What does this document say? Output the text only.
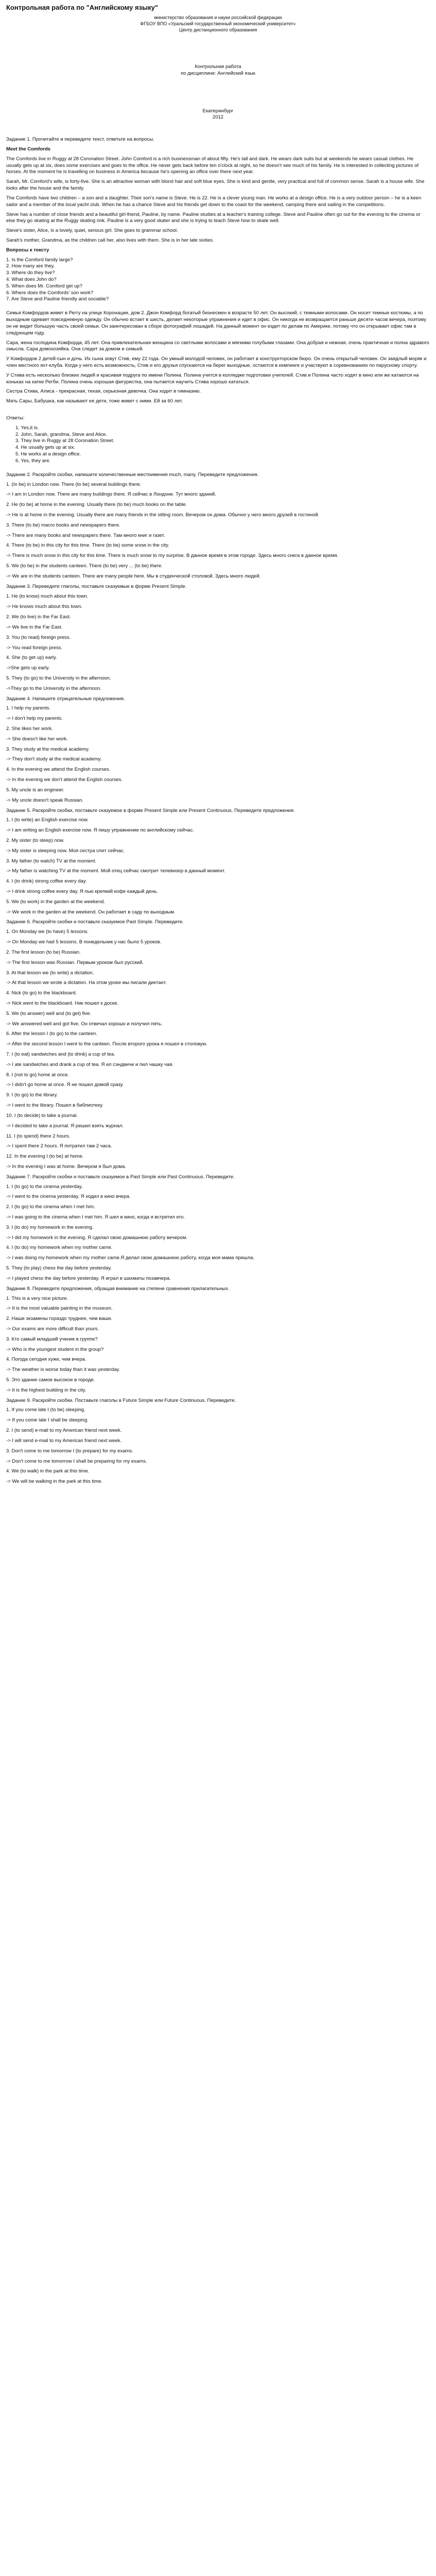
Контрольная работа по "Английскому языку"
министерство образования и науки российской федерации
ФГБОУ ВПО «Уральский государственный экономический университет»
Центр дистанционного образования
Контрольная работа
по дисциплине: Английский язык
Екатеринбург
2012

Задание 1. Прочитайте и переведите текст, ответьте на вопросы.

Meet the Comfords

The Comfords live in Ruggy at 28 Coronation Street. John Comford is a rich businessman of about fifty. He's tall and dark. He wears dark suits but at weekends he wears casual clothes. He usually gets up at six, does some exercises and goes to the office. He never gets back before ten o'clock at night, so he doesn't see much of his family. He is interested in collecting pictures of horses. At the moment he is travelling on business in America because he's opening an office over there next year.

Sarah, Mr. Comford's wife, is forty-five. She is an attractive woman with blond hair and soft blue eyes. She is kind and gentle, very practical and full of common sense. Sarah is a house wife. She looks after the house and the family.

The Comfords have two children – a son and a daughter. Their son's name is Steve. He is 22. He is a clever young man. He works at a design office. He is a very outdoor person – he is a keen sailor and a member of the local yacht club. When he has a chance Steve and his friends get down to the coast for the weekend, camping there and sailing in the competitions.

Steve has a number of close friends and a beautiful girl-friend, Pauline, by name. Pauline studies at a teacher's training college. Steve and Pauline often go out for the evening to the cinema or else they go skating at the Ruggy skating rink. Pauline is a very good skater and she is trying to teach Steve how to skate well.

Steve's sister, Alice, is a lovely, quiet, serious girl. She goes to grammar school.

Sarah's mother, Grandma, as the children call her, also lives with them. She is in her late sixties.

Вопросы к тексту

1. Is the Comford family large?
2. How many are they.
3. Where do they live?
4. What does John do?
5. When does Mr. Comford get up?
6. Where does the Comfords' son work?
7. Are Steve and Pauline friendly and sociable?

Семья Комфордов живет в Реггу на улице Коронации, дом 2. Джон Комфорд богатый бизнесмен в возрасте 50 лет. Он высокий, с темными волосами. Он носит темные костюмы, а по выходным одевает повседневную одежду. Он обычно встает в шесть, делает некоторые упражнения и идет в офис. Он никогда не возвращается раньше десяти часов вечера, поэтому он не видит большую часть своей семьи. Он заинтересован в сборе фотографий лошадей. На данный момент он ездит по делам по Америке, потому что он открывает офис там в следующем году.

Сара, жена господина Комфорда, 45 лет. Она привлекательная женщина со светлыми волосами и мягкими голубыми глазами. Она добрая и нежная, очень практичная и полна здравого смысла. Сара домохозяйка. Она следит за домом и семьей.

У Комфордов 2 детей-сын и дочь. Их сына зовут Стив, ему 22 года. Он умный молодой человек, он работает в конструкторском бюро. Он очень открытый человек. Он заядлый моряк и член местного яхт-клуба. Когда у него есть возможность, Стив и его друзья спускаются на берег выходные, остаются в кемпинге и участвуют в соревнованиях по парусному спорту.

У Стива есть несколько близких людей и красивая подруга по имени Полина. Полина учится в колледже подготовки учителей. Стив и Полина часто ходят в кино или же катаются на коньках на катке Регби. Полина очень хорошая фигуристка, она пытается научить Стива хорошо кататься.

Сестра Стива, Алиса - прекрасная, тихая, серьезная девочка. Она ходит в гимназию.

Мать Сары, Бабушка, как называют ее дети, тоже живет с ними. Ей за 60 лет.

Ответы:

1. Yes,it is.
2. John, Sarah, grandma, Steve and Alice.
3. They live in Ruggy at 28 Coronation Street.
4. He usually gets up at six.
5. He works at a design office.
6. Yes, they are.

Задание 2. Раскройте скобки, напишите количественные местоимения much, many. Переведите предложения.

1. (In be) in London now. There (to be) several buildings there.
-> I am in London now. There are many buildings there. Я сейчас в Лондоне. Тут много зданий.
2. He (to be) at home in the evening. Usually there (to be) much books on the table.
-> He is at home in the evening. Usually there are many friends in the sitting room. Вечером он дома. Обычно у него много друзей в гостиной.
3. There (to be) macro books and newspapers there.
-> There are many books and newspapers there. Там много книг и газет.
4. There (to be) in this city for this time. There (to be) some snow in the city.
-> There is much snow in this city for this time. There is much snow to my surprise. В данное время в этом городе. Здесь много снега в данное время.
5. We (to be) in the students canteen. There (to be) very ... (to be) there.
-> We are in the students canteen. There are many people here. Мы в студенческой столовой. Здесь много людей.
Задание 3. Переведите глаголы, поставьте сказуемые в форме Present Simple.
1. He (to know) much about this town.
-> He knows much about this town.
2. We (to live) in the Far East.
-> We live in the Far East.
3. You (to read) foreign press.
-> You read foreign press.
4. She (to get up) early.
->She gets up early.
5. They (to go) to the University in the afternoon.
->They go to the University in the afternoon.

Задание 4. Напишите отрицательные предложения.

1. I help my parents.
-> I don't help my parents.
2. She likes her work.
-> She doesn't like her work.
3. They study at the medical academy.
-> They don't study at the medical academy.
4. In the evening we attend the English courses.
-> In the evening we don't attend the English courses.
5. My uncle is an engineer.
-> My uncle doesn't speak Russian.

Задание 5. Раскройте скобки, поставьте сказуемое в форме Present Simple или Present Continuous. Переведите предложения.

1. I (to write) an English exercise now.
-> I am writing an English exercise now. Я пишу упражнение по английскому сейчас.
2. My sister (to sleep) now.
-> My sister is sleeping now. Моя сестра спит сейчас.
3. My father (to watch) TV at the moment.
-> My father is watching TV at the moment. Мой отец сейчас смотрит телевизор в данный момент.
4. I (to drink) strong coffee every day.
-> I drink strong coffee every day. Я пью крепкий кофе каждый день.
5. We (to work) in the garden at the weekend.
-> We work in the garden at the weekend. Он работает в саду по выходным.

Задание 6. Раскройте скобки и поставьте сказуемое Past Simple. Переведите.

1. On Monday we (to have) 5 lessons.
-> On Monday we had 5 lessons. В понедельник у нас было 5 уроков.
2. The first lesson (to be) Russian.
-> The first lesson was Russian. Первым уроком был русский.
3. At that lesson we (to write) a dictation.
-> At that lesson we wrote a dictation. На этом уроке мы писали диктант.
4. Nick (to go) to the blackboard.
-> Nick went to the blackboard. Ник пошел к доске.
5. We (to answer) well and (to get) five.
-> We answered well and got five. Он отвечал хорошо и получил пять.
6. After the lesson I (to go) to the canteen.
-> After the second lesson I went to the canteen. После второго урока я пошел в столовую.
7. I (to eat) sandwiches and (to drink) a cup of tea.
-> I ate sandwiches and drank a cup of tea. Я ел сэндвичи и пил чашку чая.
8. I (not to go) home at once.
-> I didn't go home at once. Я не пошел домой сразу.
9. I (to go) to the library.
-> I went to the library. Пошел в библиотеку.
10. I (to decide) to take a journal.
-> I decided to take a journal. Я решил взять журнал.
11. I (to spend) there 2 hours.
-> I spent there 2 hours. Я потратил там 2 часа.
12. In the evening I (to be) at home.
-> In the evening I was at home. Вечером я был дома.

Задание 7. Раскройте скобки и поставьте сказуемое в Past Simple или Past Continuous. Переведите.

1. I (to go) to the cinema yesterday.
-> I went to the cinema yesterday. Я ходил в кино вчера.
2. I (to go) to the cinema when I met him.
-> I was going to the cinema when I met him. Я шел в кино, когда я встретил его.
3. I (to do) my homework in the evening.
-> I did my homework in the evening. Я сделал свою домашнюю работу вечером.
4. I (to do) my homework when my mother came.
-> I was doing my homework when my mother came.Я делал свою домашнюю работу, когда моя мама пришла.
5. They (to play) chess the day before yesterday.
-> I played chess the day before yesterday. Я играл в шахматы позавчера.

Задание 8. Переведите предложения, обращая внимание на степени сравнения прилагательных.

1. This is a very nice picture.
-> It is the most valuable painting in the museum.
2. Наши экзамены гораздо труднее, чем ваши.
-> Our exams are more difficult than yours.
3. Кто самый младший ученик в группе?
-> Who is the youngest student in the group?
4. Погода сегодня хуже, чем вчера.
-> The weather is worse today than it was yesterday.
5. Это здание самое высокое в городе.
-> It is the highest building in the city.

Задание 9. Раскройте скобки. Поставьте глаголы в Future Simple или Future Continuous. Переведите.

1. If you come late I (to be) sleeping.
-> If you come late I shall be sleeping.
2. I (to send) e-mail to my American friend next week.
-> I will send e-mail to my American friend next week.
3. Don't come to me tomorrow I (to prepare) for my exams.
-> Don't come to me tomorrow I shall be preparing for my exams.
4. We (to walk) in the park at this time.
-> We will be walking in the park at this time.
